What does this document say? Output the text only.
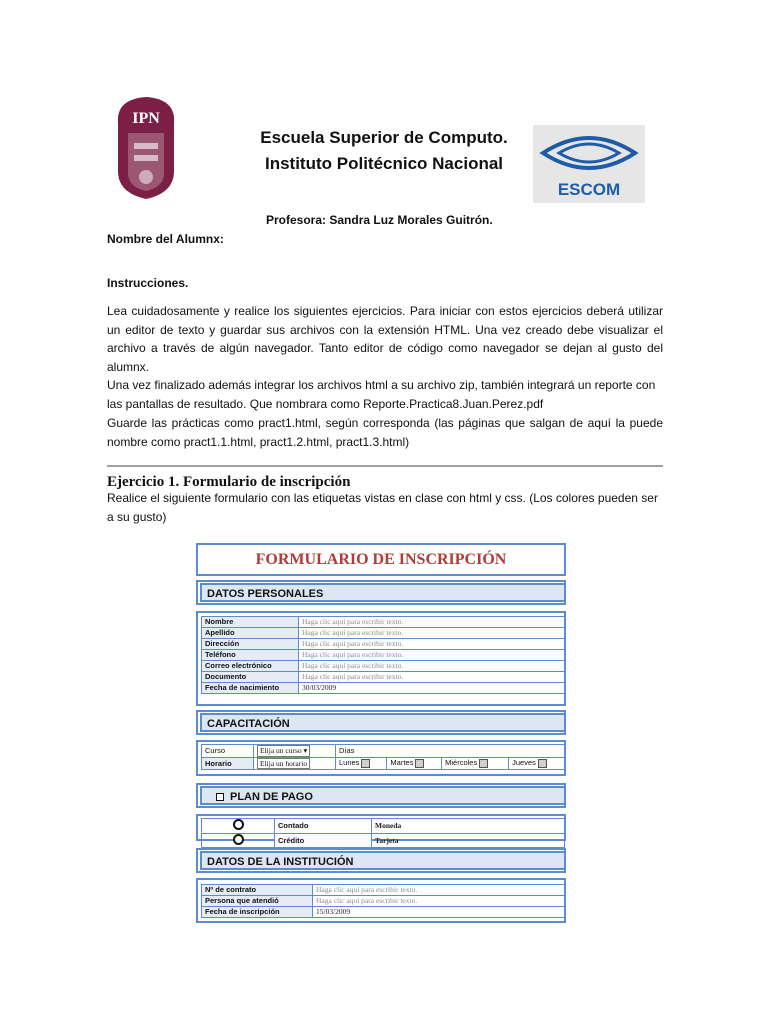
IPN
ESCOM
Escuela Superior de Computo.
Instituto Politécnico Nacional
Profesora: Sandra Luz Morales Guitrón.
Nombre del Alumnx:
Instrucciones.
Lea cuidadosamente y realice los siguientes ejercicios. Para iniciar con estos ejercicios deberá utilizar un editor de texto y guardar sus archivos con la extensión HTML. Una vez creado debe visualizar el archivo a través de algún navegador. Tanto editor de código como navegador se dejan al gusto del alumnx.
Una vez finalizado además integrar los archivos html a su archivo zip, también integrará un reporte con las pantallas de resultado. Que nombrara como Reporte.Practica8.Juan.Perez.pdf
Guarde las prácticas como pract1.html, según corresponda (las páginas que salgan de aquí la puede nombre como pract1.1.html, pract1.2.html, pract1.3.html)
Ejercicio 1. Formulario de inscripción
Realice el siguiente formulario con las etiquetas vistas en clase con html y css. (Los colores pueden ser a su gusto)
FORMULARIO DE INSCRIPCIÓN
DATOS PERSONALES
Nombre	Haga clic aquí para escribir texto.
Apellido	Haga clic aquí para escribir texto.
Dirección	Haga clic aquí para escribir texto.
Teléfono	Haga clic aquí para escribir texto.
Correo electrónico	Haga clic aquí para escribir texto.
Documento	Haga clic aquí para escribir texto.
Fecha de nacimiento	30/03/2009
CAPACITACIÓN
Curso	Elija un curso ▾	Días			
Horario	Elija un horario	Lunes	Martes	Miércoles	Jueves
PLAN DE PAGO
	Contado	Moneda
	Crédito	Tarjeta
DATOS DE LA INSTITUCIÓN
Nº de contrato	Haga clic aquí para escribir texto.
Persona que atendió	Haga clic aquí para escribir texto.
Fecha de inscripción	15/03/2009
